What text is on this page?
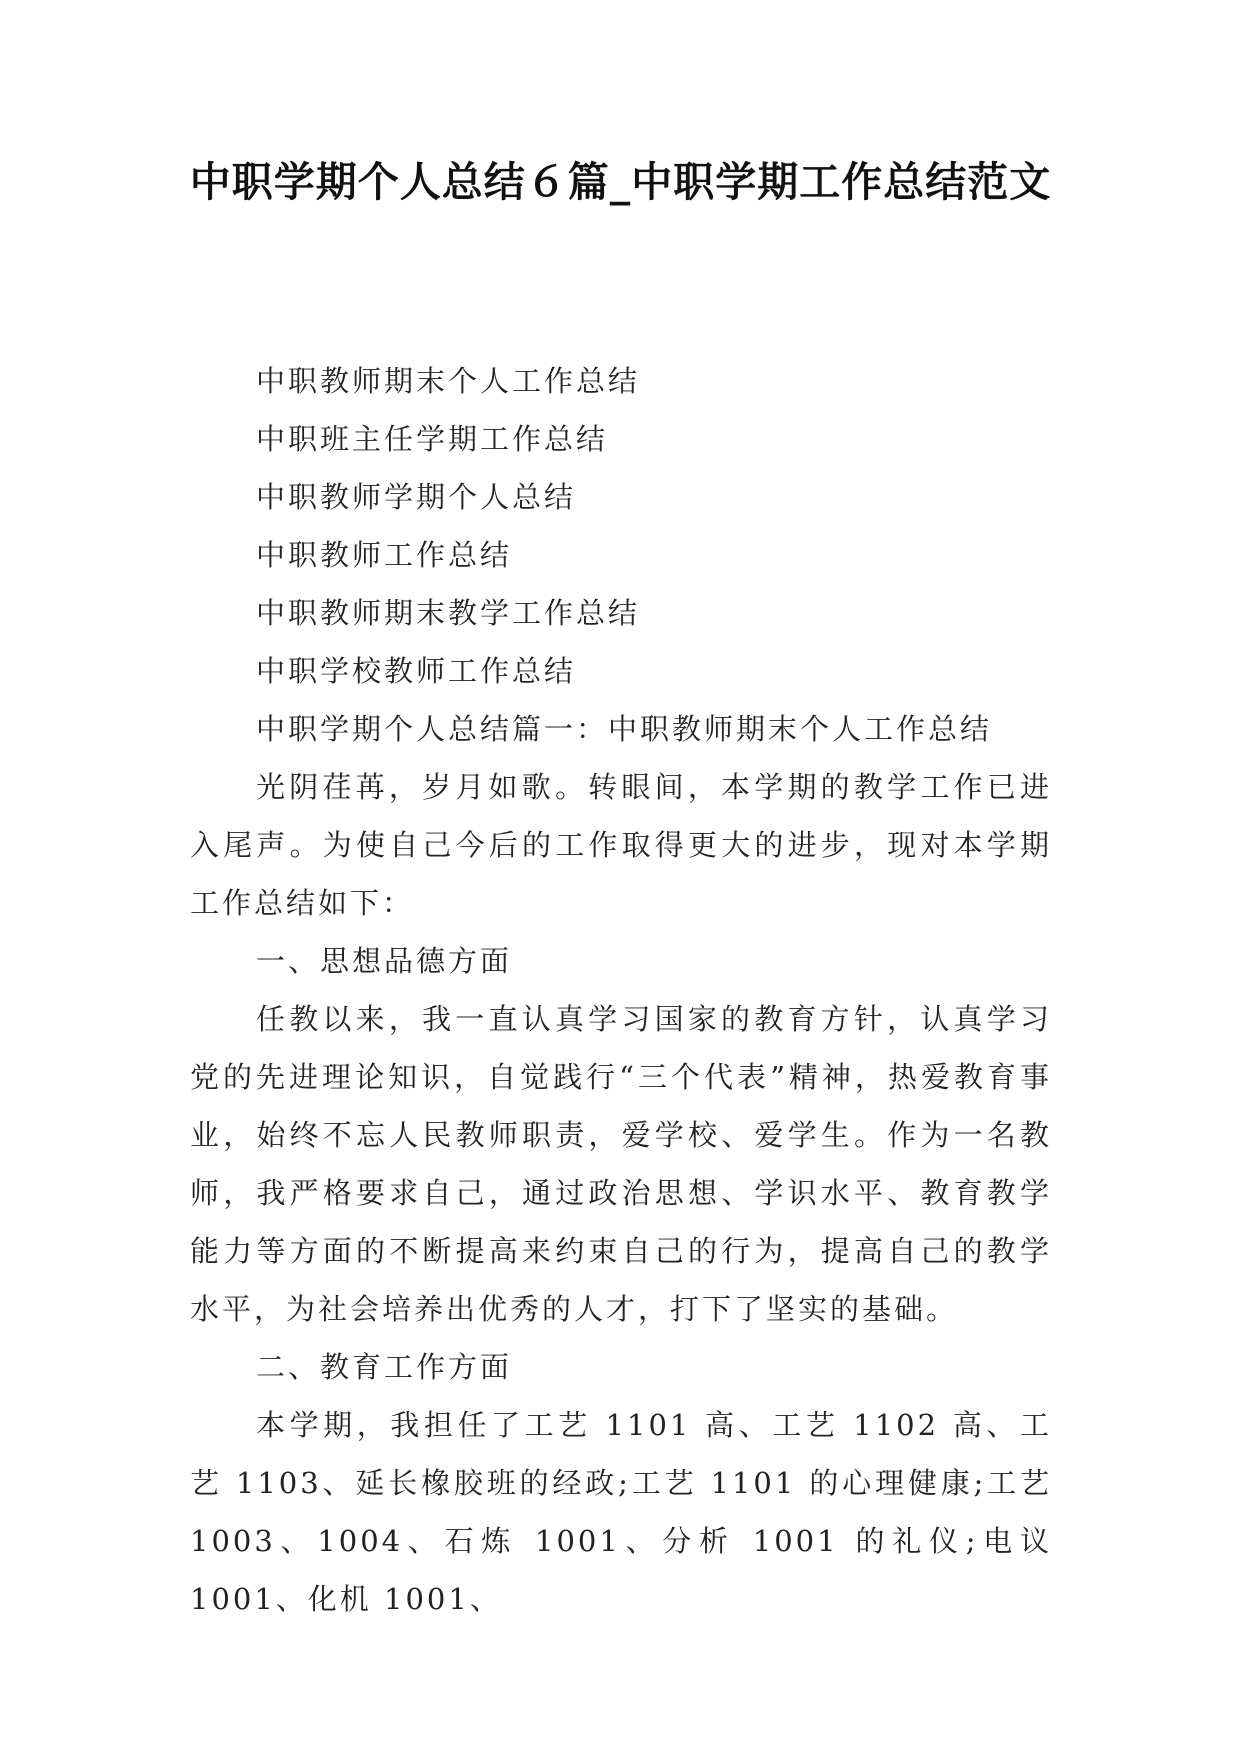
中职学期个人总结６篇_中职学期工作总结范文
中职教师期末个人工作总结
中职班主任学期工作总结
中职教师学期个人总结
中职教师工作总结
中职教师期末教学工作总结
中职学校教师工作总结
中职学期个人总结篇一：中职教师期末个人工作总结

光阴荏苒，岁月如歌。转眼间，本学期的教学工作已进入尾声。为使自己今后的工作取得更大的进步，现对本学期工作总结如下：

一、思想品德方面

任教以来，我一直认真学习国家的教育方针，认真学习党的先进理论知识，自觉践行“三个代表”精神，热爱教育事业，始终不忘人民教师职责，爱学校、爱学生。作为一名教师，我严格要求自己，通过政治思想、学识水平、教育教学能力等方面的不断提高来约束自己的行为，提高自己的教学水平，为社会培养出优秀的人才，打下了坚实的基础。

二、教育工作方面

本学期，我担任了工艺 1101 高、工艺 1102 高、工艺 1103、延长橡胶班的经政;工艺 1101 的心理健康;工艺 1003、1004、石炼 1001、分析 1001 的礼仪;电议 1001、化机 1001、
